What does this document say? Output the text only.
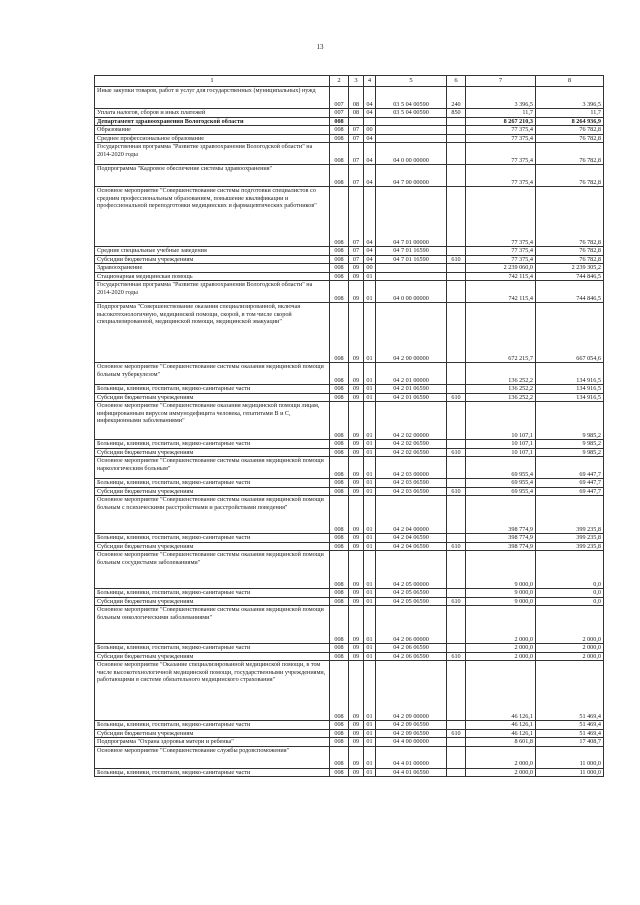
13
1	2	3	4	5	6	7	8
Иные закупки товаров, работ и услуг для государственных (муниципальных) нужд	007	08	04	03 5 04 00590	240	3 396,5	3 396,5
Уплата налогов, сборов и иных платежей	007	08	04	03 5 04 00590	850	11,7	11,7
Департамент здравоохранения Вологодской области	008					8 267 210,3	8 264 936,9
Образование	008	07	00			77 375,4	76 782,8
Среднее профессиональное образование	008	07	04			77 375,4	76 782,8
Государственная программа "Развитие здравоохранения Вологодской области" на 2014-2020 годы	008	07	04	04 0 00 00000		77 375,4	76 782,8
Подпрограмма "Кадровое обеспечение системы здравоохранения"	008	07	04	04 7 00 00000		77 375,4	76 782,8
Основное мероприятие "Совершенствование системы подготовки специалистов со средним профессиональным образованием, повышение квалификации и профессиональной переподготовки медицинских и фармацевтических работников"	008	07	04	04 7 01 00000		77 375,4	76 782,8
Средние специальные учебные заведения	008	07	04	04 7 01 16590		77 375,4	76 782,8
Субсидии бюджетным учреждениям	008	07	04	04 7 01 16590	610	77 375,4	76 782,8
Здравоохранение	008	09	00			2 239 060,0	2 239 305,2
Стационарная медицинская помощь	008	09	01			742 115,4	744 846,5
Государственная программа "Развитие здравоохранения Вологодской области" на 2014-2020 годы	008	09	01	04 0 00 00000		742 115,4	744 846,5
Подпрограмма "Совершенствование оказания специализированной, включая высокотехнологичную, медицинской помощи, скорой, в том числе скорой специализированной, медицинской помощи, медицинской эвакуации"	008	09	01	04 2 00 00000		672 215,7	667 054,6
Основное мероприятие "Совершенствование системы оказания медицинской помощи больным туберкулезом"	008	09	01	04 2 01 00000		136 252,2	134 916,5
Больницы, клиники, госпитали, медико-санитарные части	008	09	01	04 2 01 06590		136 252,2	134 916,5
Субсидии бюджетным учреждениям	008	09	01	04 2 01 06590	610	136 252,2	134 916,5
Основное мероприятие "Совершенствование оказания медицинской помощи лицам, инфицированным вирусом иммунодефицита человека, гепатитами B и C, инфекционными заболеваниями"	008	09	01	04 2 02 00000		10 107,1	9 985,2
Больницы, клиники, госпитали, медико-санитарные части	008	09	01	04 2 02 06590		10 107,1	9 985,2
Субсидии бюджетным учреждениям	008	09	01	04 2 02 06590	610	10 107,1	9 985,2
Основное мероприятие "Совершенствование системы оказания медицинской помощи наркологическим больным"	008	09	01	04 2 03 00000		69 955,4	69 447,7
Больницы, клиники, госпитали, медико-санитарные части	008	09	01	04 2 03 06590		69 955,4	69 447,7
Субсидии бюджетным учреждениям	008	09	01	04 2 03 06590	610	69 955,4	69 447,7
Основное мероприятие "Совершенствование системы оказания медицинской помощи больным с психическими расстройствами и расстройствами поведения"	008	09	01	04 2 04 00000		398 774,9	399 235,8
Больницы, клиники, госпитали, медико-санитарные части	008	09	01	04 2 04 06590		398 774,9	399 235,8
Субсидии бюджетным учреждениям	008	09	01	04 2 04 06590	610	398 774,9	399 235,8
Основное мероприятие "Совершенствование системы оказания медицинской помощи больным сосудистыми заболеваниями"	008	09	01	04 2 05 00000		9 000,0	0,0
Больницы, клиники, госпитали, медико-санитарные части	008	09	01	04 2 05 06590		9 000,0	0,0
Субсидии бюджетным учреждениям	008	09	01	04 2 05 06590	610	9 000,0	0,0
Основное мероприятие "Совершенствование системы оказания медицинской помощи больным онкологическими заболеваниями"	008	09	01	04 2 06 00000		2 000,0	2 000,0
Больницы, клиники, госпитали, медико-санитарные части	008	09	01	04 2 06 06590		2 000,0	2 000,0
Субсидии бюджетным учреждениям	008	09	01	04 2 06 06590	610	2 000,0	2 000,0
Основное мероприятие "Оказание специализированной медицинской помощи, в том числе высокотехнологичной медицинской помощи, государственными учреждениями, работающими в системе обязательного медицинского страхования"	008	09	01	04 2 09 00000		46 126,1	51 469,4
Больницы, клиники, госпитали, медико-санитарные части	008	09	01	04 2 09 06590		46 126,1	51 469,4
Субсидии бюджетным учреждениям	008	09	01	04 2 09 06590	610	46 126,1	51 469,4
Подпрограмма "Охрана здоровья матери и ребенка"	008	09	01	04 4 00 00000		8 601,8	17 408,7
Основное мероприятие "Совершенствование службы родовспоможения"	008	09	01	04 4 01 00000		2 000,0	11 000,0
Больницы, клиники, госпитали, медико-санитарные части	008	09	01	04 4 01 06590		2 000,0	11 000,0
